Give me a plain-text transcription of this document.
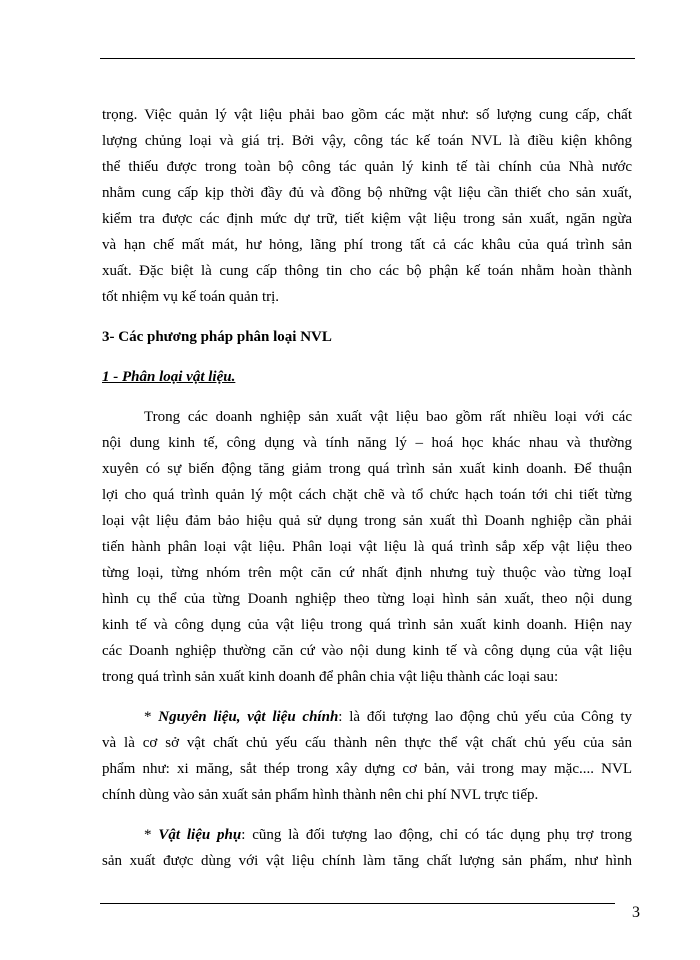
trọng. Việc quản lý vật liệu phải bao gồm các mặt như: số lượng cung cấp, chất
lượng chủng loại và giá trị. Bởi vậy, công tác kế toán NVL là điều kiện không
thể thiếu được trong toàn bộ công tác quản lý kinh tế tài chính của Nhà nước
nhằm cung cấp kịp thời đầy đủ và đồng bộ những vật liệu cần thiết cho sản xuất,
kiểm tra được các định mức dự trữ, tiết kiệm vật liệu trong sản xuất, ngăn ngừa
và hạn chế mất mát, hư hỏng, lãng phí trong tất cả các khâu của quá trình sản
xuất. Đặc biệt là cung cấp thông tin cho các bộ phận kế toán nhằm hoàn thành
tốt nhiệm vụ kế toán quản trị.
3- Các phương pháp phân loại NVL
1 - Phân loại vật liệu.
Trong các doanh nghiệp sản xuất vật liệu bao gồm rất nhiều loại với các
nội dung kinh tế, công dụng và tính năng lý – hoá học khác nhau và thường
xuyên có sự biến động tăng giảm trong quá trình sản xuất kinh doanh. Để thuận
lợi cho quá trình quản lý một cách chặt chẽ và tổ chức hạch toán tới chi tiết từng
loại vật liệu đảm bảo hiệu quả sử dụng trong sản xuất thì Doanh nghiệp cần phải
tiến hành phân loại vật liệu. Phân loại vật liệu là quá trình sắp xếp vật liệu theo
từng loại, từng nhóm trên một căn cứ nhất định nhưng tuỳ thuộc vào từng loạI
hình cụ thể của từng Doanh nghiệp theo từng loại hình sản xuất, theo nội dung
kinh tế và công dụng của vật liệu trong quá trình sản xuất kinh doanh. Hiện nay
các Doanh nghiệp thường căn cứ vào nội dung kinh tế và công dụng của vật liệu
trong quá trình sản xuất kinh doanh để phân chia vật liệu thành các loại sau:
* Nguyên liệu, vật liệu chính: là đối tượng lao động chủ yếu của Công ty
và là cơ sở vật chất chủ yếu cấu thành nên thực thể vật chất chủ yếu của sản
phẩm như: xi măng, sắt thép trong xây dựng cơ bản, vải trong may mặc.... NVL
chính dùng vào sản xuất sản phẩm hình thành nên chi phí NVL trực tiếp.
* Vật liệu phụ: cũng là đối tượng lao động, chỉ có tác dụng phụ trợ trong
sản xuất được dùng với vật liệu chính làm tăng chất lượng sản phẩm, như hình
3
